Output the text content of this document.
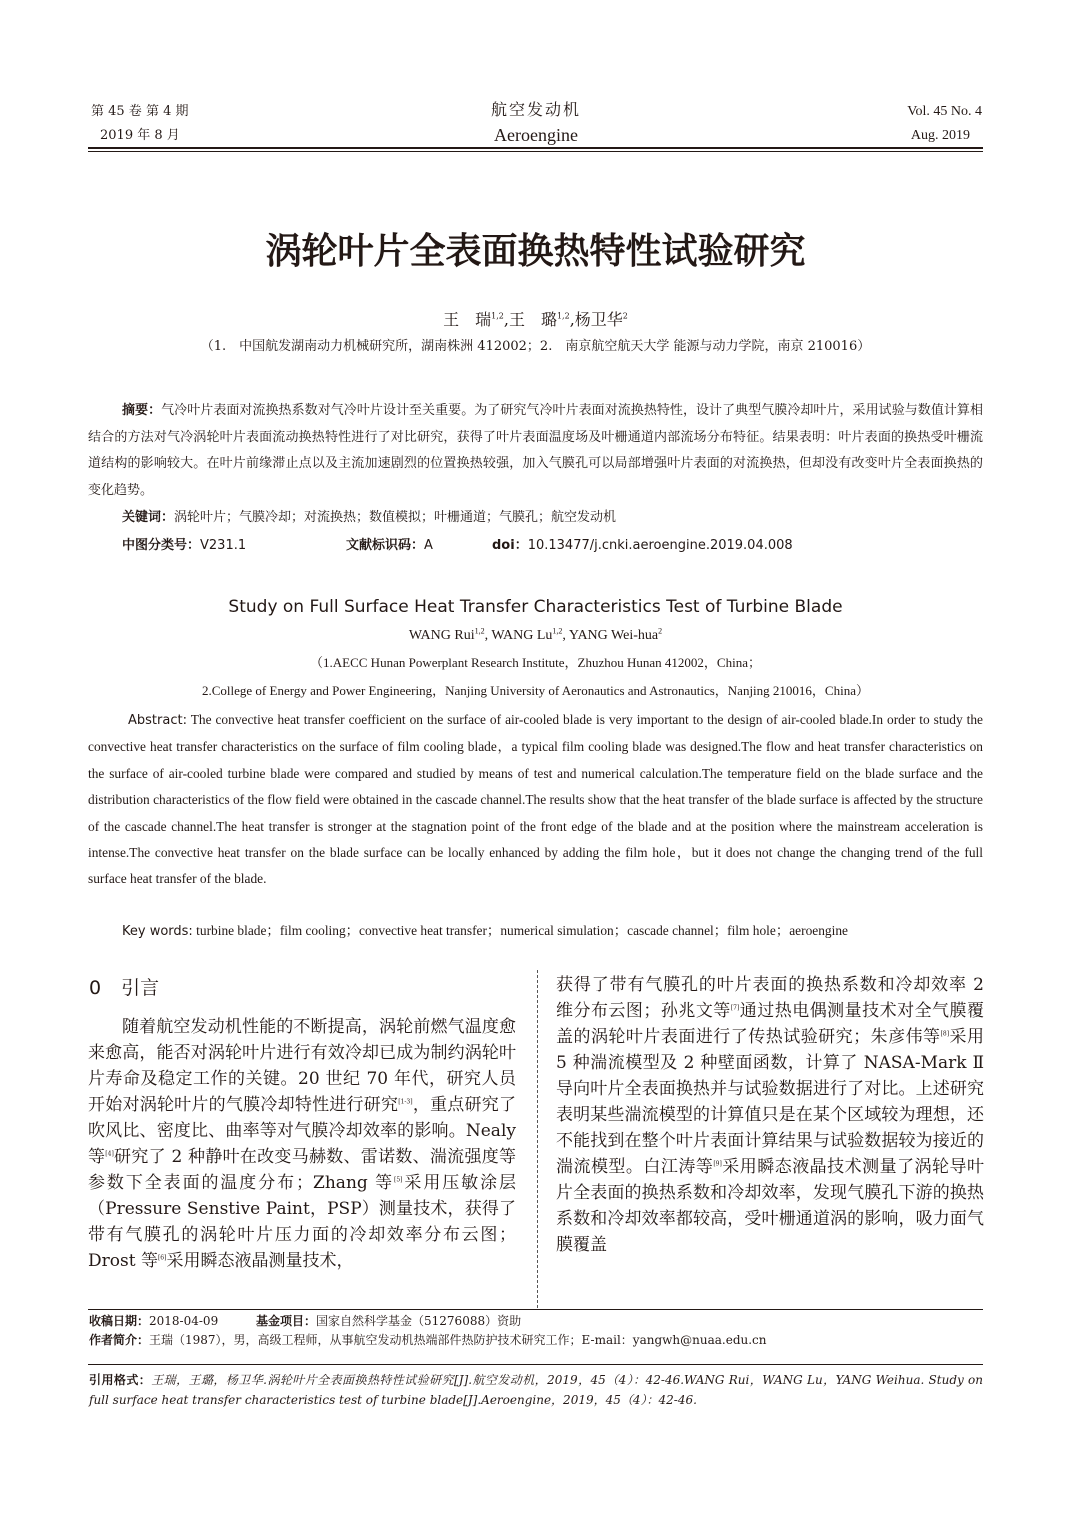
第 45 卷 第 4 期
2019 年 8 月
航空发动机
Aeroengine
Vol. 45 No. 4
Aug. 2019
涡轮叶片全表面换热特性试验研究
王　瑞$^{1,2}$,王　璐$^{1,2}$,杨卫华$^2$
（1.　中国航发湖南动力机械研究所，湖南株洲 412002；2.　南京航空航天大学 能源与动力学院，南京 210016）
摘要：气冷叶片表面对流换热系数对气冷叶片设计至关重要。为了研究气冷叶片表面对流换热特性，设计了典型气膜冷却叶片，采用试验与数值计算相结合的方法对气冷涡轮叶片表面流动换热特性进行了对比研究，获得了叶片表面温度场及叶栅通道内部流场分布特征。结果表明：叶片表面的换热受叶栅流道结构的影响较大。在叶片前缘滞止点以及主流加速剧烈的位置换热较强，加入气膜孔可以局部增强叶片表面的对流换热，但却没有改变叶片全表面换热的变化趋势。
关键词：涡轮叶片；气膜冷却；对流换热；数值模拟；叶栅通道；气膜孔；航空发动机
中图分类号：V231.1	文献标识码：A	doi：10.13477/j.cnki.aeroengine.2019.04.008
Study on Full Surface Heat Transfer Characteristics Test of Turbine Blade
WANG Rui$^{1,2}$, WANG Lu$^{1,2}$, YANG Wei-hua$^2$
（1.AECC Hunan Powerplant Research Institute，Zhuzhou Hunan 412002，China；
2.College of Energy and Power Engineering，Nanjing University of Aeronautics and Astronautics，Nanjing 210016，China）
Abstract: The convective heat transfer coefficient on the surface of air-cooled blade is very important to the design of air-cooled blade.In order to study the convective heat transfer characteristics on the surface of film cooling blade，a typical film cooling blade was designed.The flow and heat transfer characteristics on the surface of air-cooled turbine blade were compared and studied by means of test and numerical calculation.The temperature field on the blade surface and the distribution characteristics of the flow field were obtained in the cascade channel.The results show that the heat transfer of the blade surface is affected by the structure of the cascade channel.The heat transfer is stronger at the stagnation point of the front edge of the blade and at the position where the mainstream acceleration is intense.The convective heat transfer on the blade surface can be locally enhanced by adding the film hole，but it does not change the changing trend of the full surface heat transfer of the blade.
Key words: turbine blade；film cooling；convective heat transfer；numerical simulation；cascade channel；film hole；aeroengine
0 引言

随着航空发动机性能的不断提高，涡轮前燃气温度愈来愈高，能否对涡轮叶片进行有效冷却已成为制约涡轮叶片寿命及稳定工作的关键。20 世纪 70 年代，研究人员开始对涡轮叶片的气膜冷却特性进行研究[1-3]，重点研究了吹风比、密度比、曲率等对气膜冷却效率的影响。Nealy 等[4]研究了 2 种静叶在改变马赫数、雷诺数、湍流强度等参数下全表面的温度分布；Zhang 等[5]采用压敏涂层（Pressure Senstive Paint，PSP）测量技术，获得了带有气膜孔的涡轮叶片压力面的冷却效率分布云图；Drost 等[6]采用瞬态液晶测量技术，

获得了带有气膜孔的叶片表面的换热系数和冷却效率 2 维分布云图；孙兆文等[7]通过热电偶测量技术对全气膜覆盖的涡轮叶片表面进行了传热试验研究；朱彦伟等[8]采用 5 种湍流模型及 2 种壁面函数，计算了 NASA-Mark Ⅱ 导向叶片全表面换热并与试验数据进行了对比。上述研究表明某些湍流模型的计算值只是在某个区域较为理想，还不能找到在整个叶片表面计算结果与试验数据较为接近的湍流模型。白江涛等[9]采用瞬态液晶技术测量了涡轮导叶片全表面的换热系数和冷却效率，发现气膜孔下游的换热系数和冷却效率都较高，受叶栅通道涡的影响，吸力面气膜覆盖

收稿日期：2018-04-09	基金项目：国家自然科学基金（51276088）资助
作者简介：王瑞（1987），男，高级工程师，从事航空发动机热端部件热防护技术研究工作；E-mail：yangwh@nuaa.edu.cn
引用格式：王瑞，王璐，杨卫华.涡轮叶片全表面换热特性试验研究[J].航空发动机，2019，45（4）：42-46.WANG Rui，WANG Lu，YANG Weihua. Study on full surface heat transfer characteristics test of turbine blade[J].Aeroengine，2019，45（4）：42-46.
